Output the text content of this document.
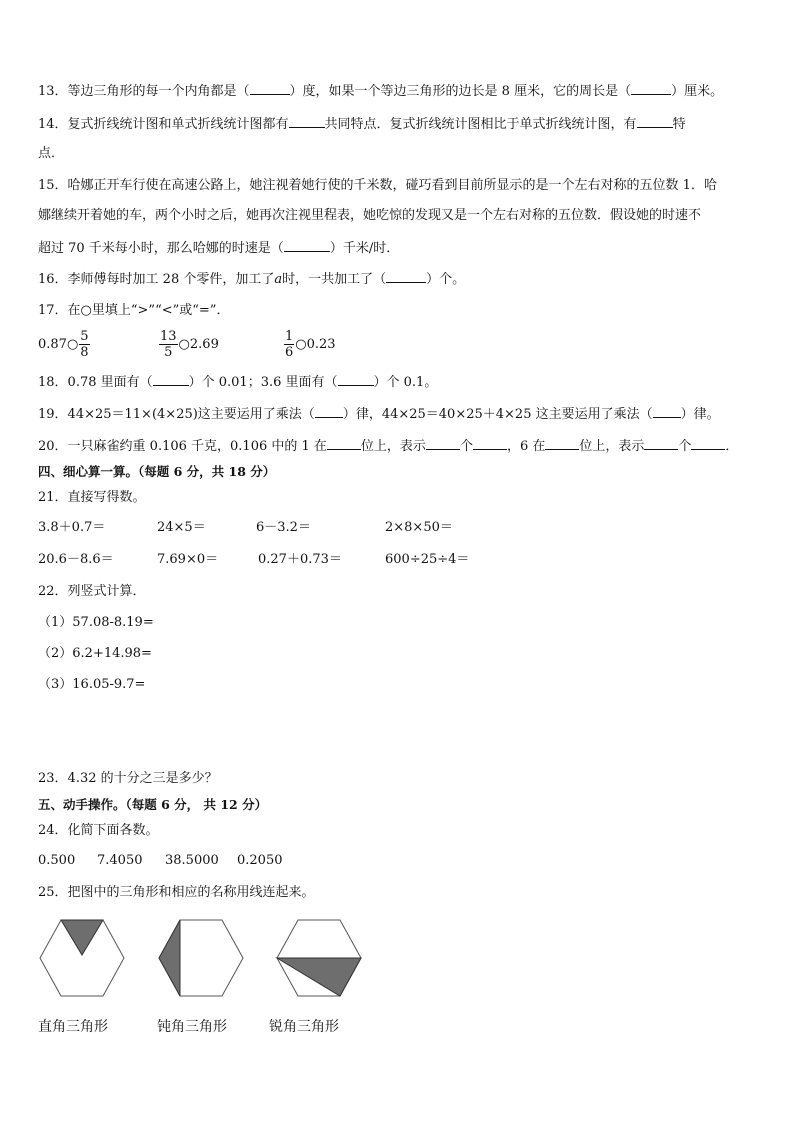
13．等边三角形的每一个内角都是（	）度，如果一个等边三角形的边长是 8 厘米，它的周长是（	）厘米。
14．复式折线统计图和单式折线统计图都有	共同特点．复式折线统计图相比于单式折线统计图，有	特
点．
15．哈娜正开车行使在高速公路上，她注视着她行使的千米数，碰巧看到目前所显示的是一个左右对称的五位数 1．哈
娜继续开着她的车，两个小时之后，她再次注视里程表，她吃惊的发现又是一个左右对称的五位数．假设她的时速不
超过 70 千米每小时，那么哈娜的时速是（	）千米/时．
16．李师傅每时加工 28 个零件，加工了a时，一共加工了（	）个。
17．在○里填上“>”“<”或“=”．
0.87○ $\frac{5}{8}$	$\frac{13}{5}$ ○2.69	$\frac{1}{6}$ ○0.23
18．0.78 里面有（	）个 0.01；3.6 里面有（	）个 0.1。
19．44×25＝11×(4×25)这主要运用了乘法（ ）律，44×25＝40×25＋4×25 这主要运用了乘法（ ）律。
20．一只麻雀约重 0.106 千克，0.106 中的 1 在	位上，表示	个	，6 在	位上，表示	个	．
四、细心算一算。（每题 6 分，共 18 分）
21．直接写得数。
3.8＋0.7＝	24×5＝	6－3.2＝	2×8×50＝
20.6－8.6＝	7.69×0＝	0.27＋0.73＝	600÷25÷4＝
22．列竖式计算．
（1）57.08-8.19=
（2）6.2+14.98=
（3）16.05-9.7=
23．4.32 的十分之三是多少？
五、动手操作。（每题 6 分， 共 12 分）
24．化简下面各数。
0.500 7.4050 38.5000 0.2050
25．把图中的三角形和相应的名称用线连起来。
直角三角形	钝角三角形	锐角三角形
